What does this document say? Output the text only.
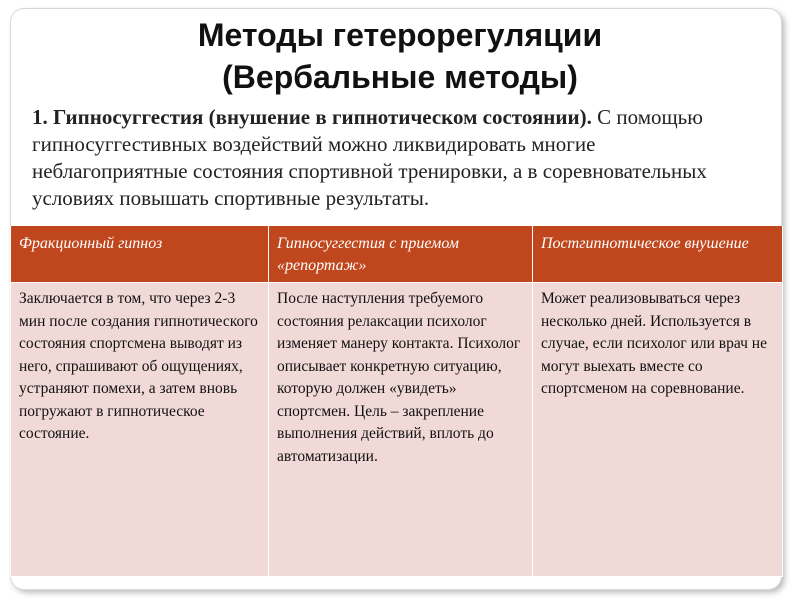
Методы гетерорегуляции
(Вербальные методы)
1. Гипносуггестия (внушение в гипнотическом состоянии). С помощью гипносуггестивных воздействий можно ликвидировать многие неблагоприятные состояния спортивной тренировки, а в соревновательных условиях повышать спортивные результаты.
Фракционный гипноз	Гипносуггестия с приемом «репортаж»	Постгипнотическое внушение
Заключается в том, что через 2-3 мин после создания гипнотического состояния спортсмена выводят из него, спрашивают об ощущениях, устраняют помехи, а затем вновь погружают в гипнотическое состояние.	После наступления требуемого состояния релаксации психолог изменяет манеру контакта. Психолог описывает конкретную ситуацию, которую должен «увидеть» спортсмен. Цель – закрепление выполнения действий, вплоть до автоматизации.	Может реализовываться через несколько дней. Используется в случае, если психолог или врач не могут выехать вместе со спортсменом на соревнование.
